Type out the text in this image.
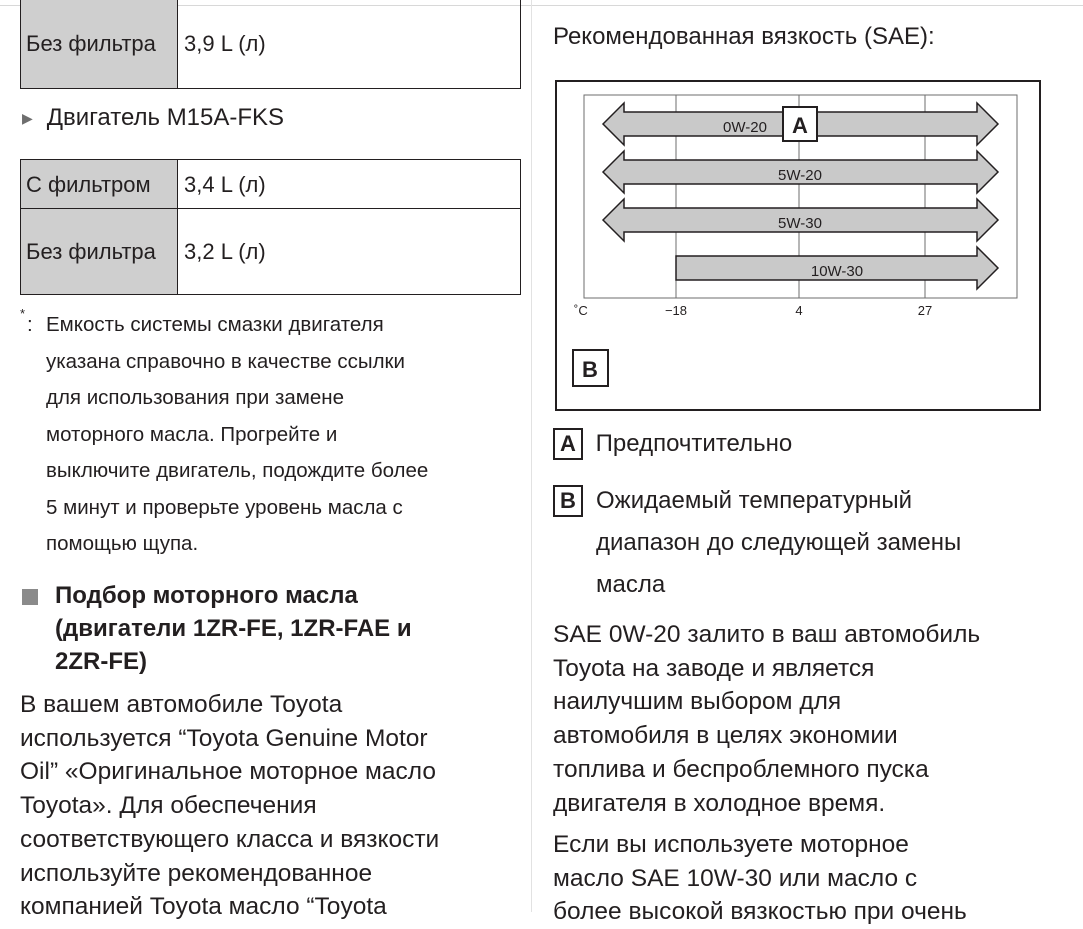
Без фильтра	3,9 L (л)
▶ Двигатель M15A-FKS
С фильтром	3,4 L (л)
Без фильтра	3,2 L (л)
* : Емкость системы смазки двигателя
указана справочно в качестве ссылки
для использования при замене
моторного масла. Прогрейте и
выключите двигатель, подождите более
5 минут и проверьте уровень масла с
помощью щупа.
Подбор моторного масла
(двигатели 1ZR-FE, 1ZR-FAE и
2ZR-FE)
В вашем автомобиле Toyota
используется “Toyota Genuine Motor
Oil” «Оригинальное моторное масло
Toyota». Для обеспечения
соответствующего класса и вязкости
используйте рекомендованное
компанией Toyota масло “Toyota
Рекомендованная вязкость (SAE):
0W-20 A
5W-20
5W-30
10W-30
˚C	−18	4	27
B
A Предпочтительно
B Ожидаемый температурный
диапазон до следующей замены
масла
SAE 0W-20 залито в ваш автомобиль
Toyota на заводе и является
наилучшим выбором для
автомобиля в целях экономии
топлива и беспроблемного пуска
двигателя в холодное время.
Если вы используете моторное
масло SAE 10W-30 или масло с
более высокой вязкостью при очень
